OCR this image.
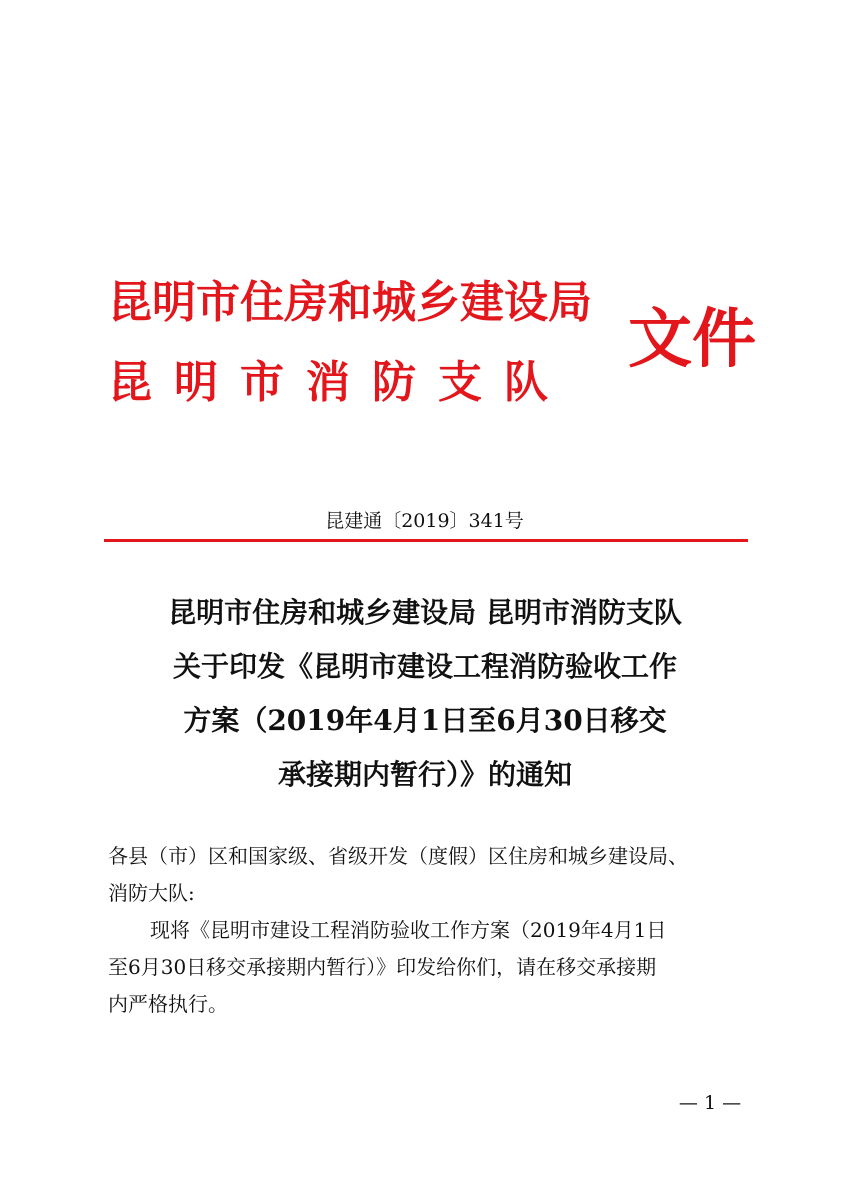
昆明市住房和城乡建设局
昆明市消防支队
文件
昆建通〔2019〕341号
昆明市住房和城乡建设局 昆明市消防支队
关于印发《昆明市建设工程消防验收工作
方案（2019年4月1日至6月30日移交
承接期内暂行）》的通知
各县（市）区和国家级、省级开发（度假）区住房和城乡建设局、
消防大队:
现将《昆明市建设工程消防验收工作方案（2019年4月1日
至6月30日移交承接期内暂行）》印发给你们，请在移交承接期
内严格执行。
— 1 —
